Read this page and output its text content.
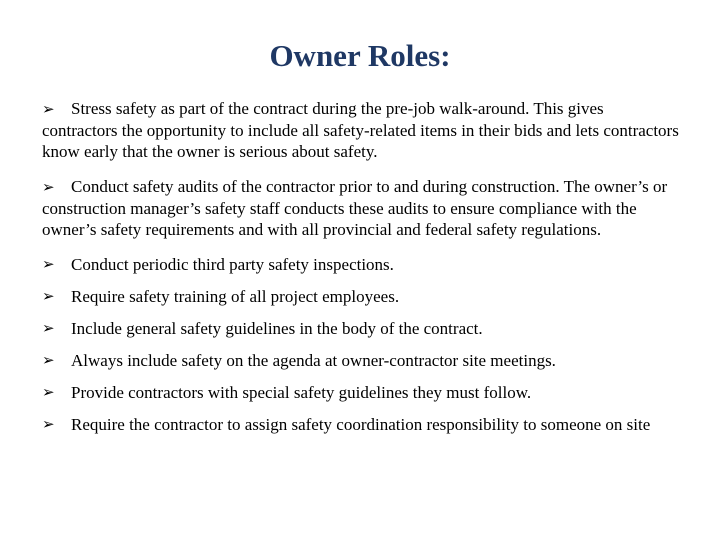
Owner Roles:
➢ Stress safety as part of the contract during the pre-job walk-around. This gives contractors the opportunity to include all safety-related items in their bids and lets contractors know early that the owner is serious about safety.
➢ Conduct safety audits of the contractor prior to and during construction. The owner’s or construction manager’s safety staff conducts these audits to ensure compliance with the owner’s safety requirements and with all provincial and federal safety regulations.
➢ Conduct periodic third party safety inspections.
➢ Require safety training of all project employees.
➢ Include general safety guidelines in the body of the contract.
➢ Always include safety on the agenda at owner-contractor site meetings.
➢ Provide contractors with special safety guidelines they must follow.
➢ Require the contractor to assign safety coordination responsibility to someone on site
